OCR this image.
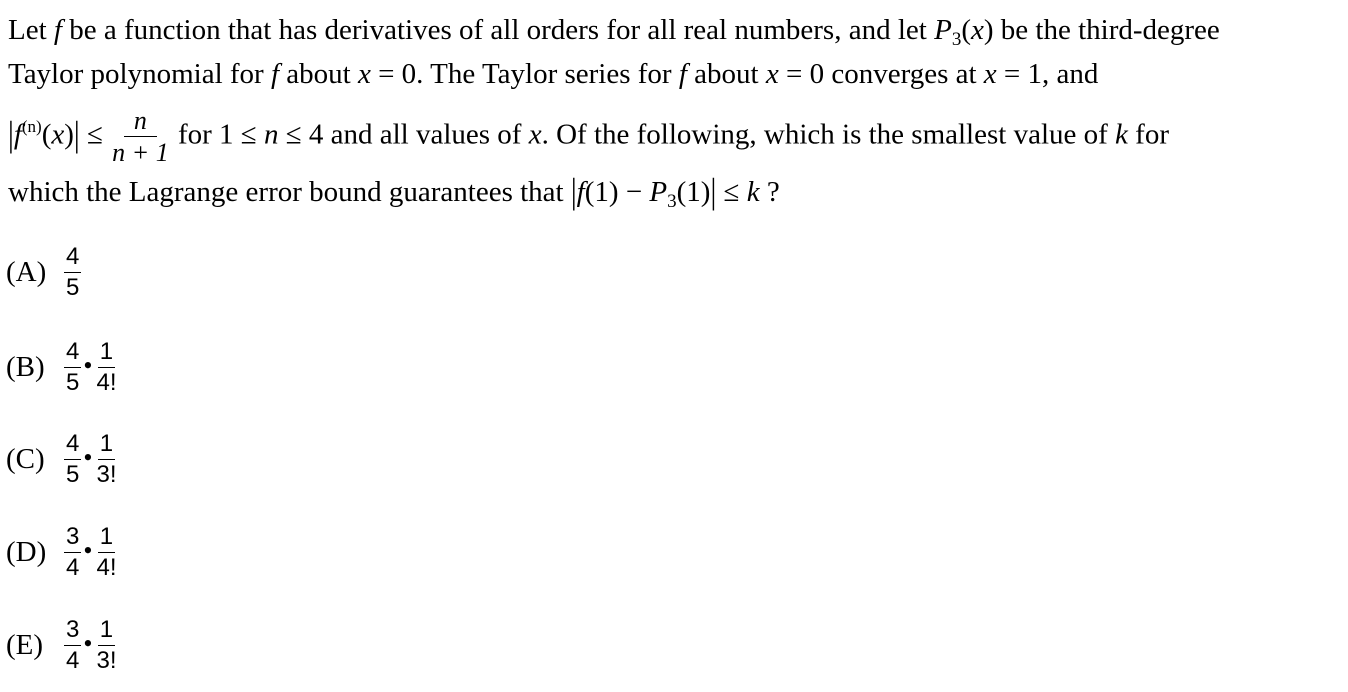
Let f be a function that has derivatives of all orders for all real numbers, and let $P_3(x)$ be the third-degree
Taylor polynomial for f about x = 0. The Taylor series for f about x = 0 converges at x = 1, and
$|f^{(n)}(x)| \le \frac{n}{n + 1}$ for 1 ≤ n ≤ 4 and all values of x. Of the following, which is the smallest value of k for
which the Lagrange error bound guarantees that $|f(1) - P_3(1)| \le k$ ?
$(A) \frac{4}{5}$
$(B) \frac{4}{5}$ • $\frac{1}{4!}$
$(C) \frac{4}{5}$ • $\frac{1}{3!}$
$(D) \frac{3}{4}$ • $\frac{1}{4!}$
$(E) \frac{3}{4}$ • $\frac{1}{3!}$
